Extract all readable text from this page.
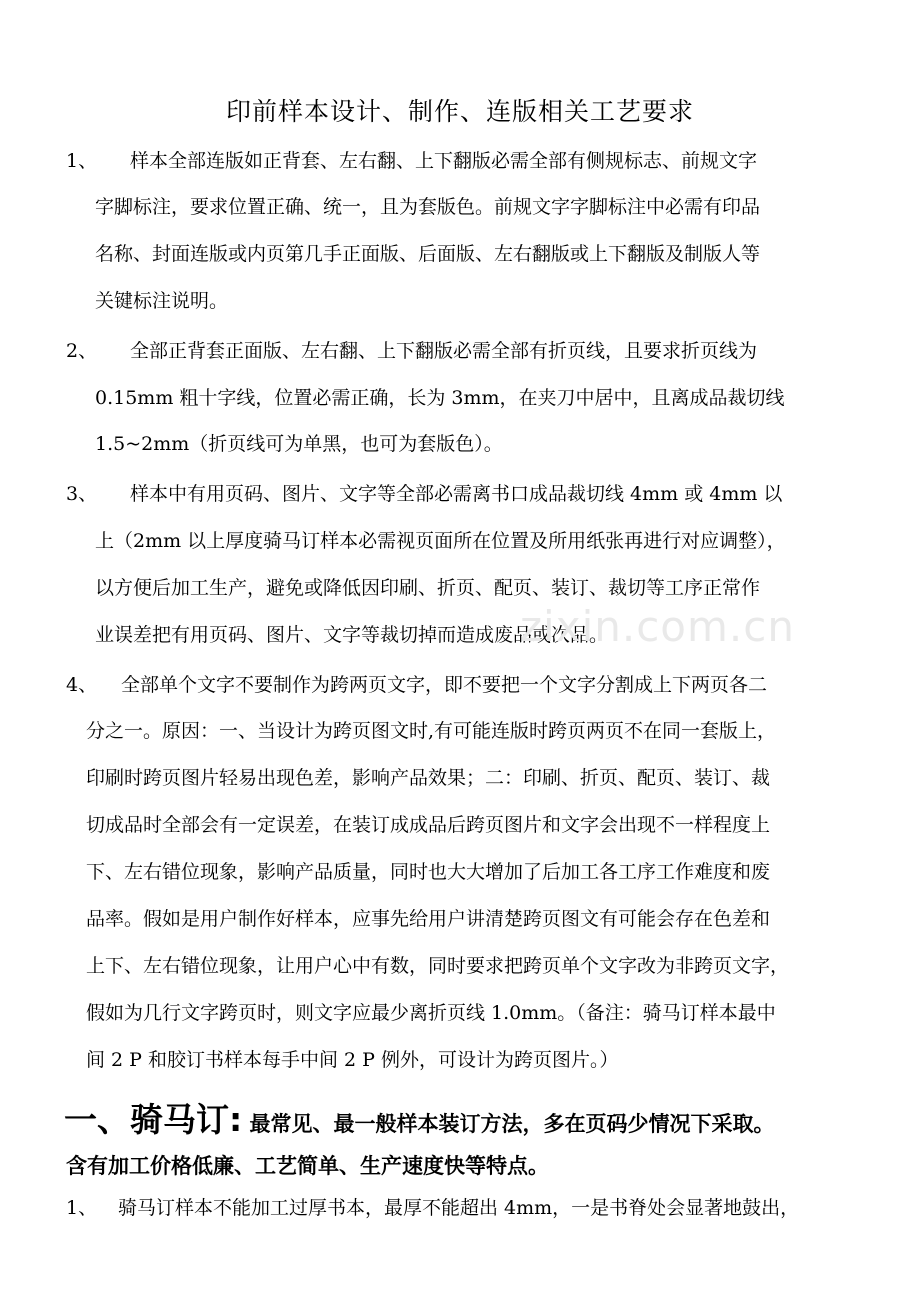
印前样本设计、制作、连版相关工艺要求
1、 样本全部连版如正背套、左右翻、上下翻版必需全部有侧规标志、前规文字
字脚标注，要求位置正确、统一，且为套版色。前规文字字脚标注中必需有印品
名称、封面连版或内页第几手正面版、后面版、左右翻版或上下翻版及制版人等
关键标注说明。
2、 全部正背套正面版、左右翻、上下翻版必需全部有折页线，且要求折页线为
0.15mm 粗十字线，位置必需正确，长为 3mm，在夹刀中居中，且离成品裁切线
1.5~2mm（折页线可为单黑，也可为套版色）。
3、 样本中有用页码、图片、文字等全部必需离书口成品裁切线 4mm 或 4mm 以
上（2mm 以上厚度骑马订样本必需视页面所在位置及所用纸张再进行对应调整），
以方便后加工生产，避免或降低因印刷、折页、配页、装订、裁切等工序正常作
业误差把有用页码、图片、文字等裁切掉而造成废品或次品。
zixin.com.cn
4、 全部单个文字不要制作为跨两页文字，即不要把一个文字分割成上下两页各二
分之一。原因：一、当设计为跨页图文时,有可能连版时跨页两页不在同一套版上，
印刷时跨页图片轻易出现色差，影响产品效果；二：印刷、折页、配页、装订、裁
切成品时全部会有一定误差，在装订成成品后跨页图片和文字会出现不一样程度上
下、左右错位现象，影响产品质量，同时也大大增加了后加工各工序工作难度和废
品率。假如是用户制作好样本，应事先给用户讲清楚跨页图文有可能会存在色差和
上下、左右错位现象，让用户心中有数，同时要求把跨页单个文字改为非跨页文字，
假如为几行文字跨页时，则文字应最少离折页线 1.0mm。（备注：骑马订样本最中
间 2 P 和胶订书样本每手中间 2 P 例外，可设计为跨页图片。）
一、骑马订: 最常见、最一般样本装订方法，多在页码少情况下采取。
含有加工价格低廉、工艺简单、生产速度快等特点。
1、 骑马订样本不能加工过厚书本，最厚不能超出 4mm，一是书脊处会显著地鼓出，
